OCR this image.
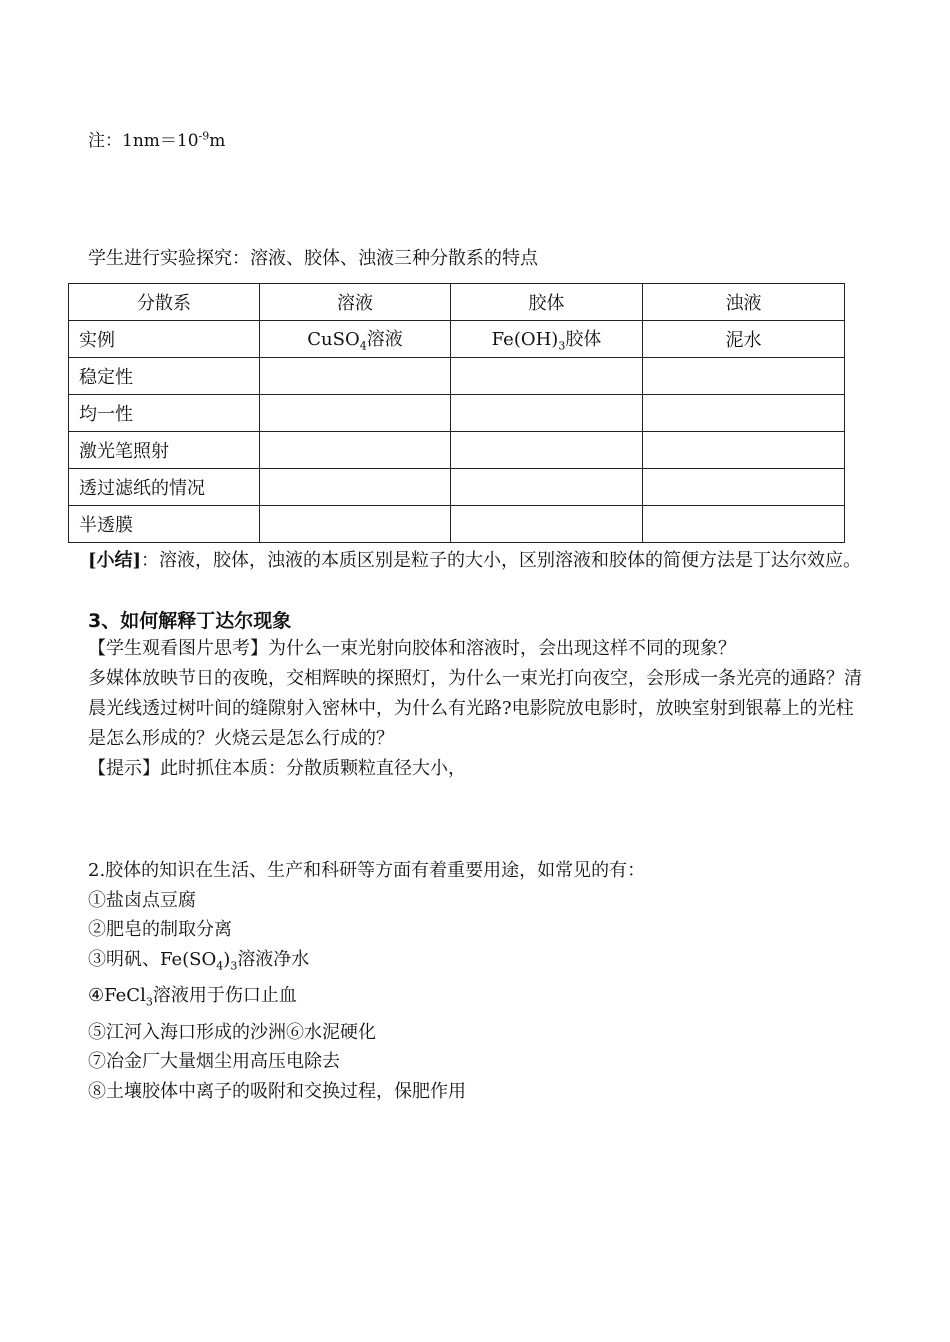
注：$1nm=10^{-9}m$
学生进行实验探究：溶液、胶体、浊液三种分散系的特点
分散系	溶液	胶体	浊液
实例	CuSO$_4$溶液	$Fe(OH)_3$胶体	泥水
稳定性			
均一性			
激光笔照射			
透过滤纸的情况			
半透膜			
[小结]：溶液，胶体，浊液的本质区别是粒子的大小，区别溶液和胶体的简便方法是丁达尔效应。
3、如何解释丁达尔现象
【学生观看图片思考】为什么一束光射向胶体和溶液时，会出现这样不同的现象？
多媒体放映节日的夜晚，交相辉映的探照灯，为什么一束光打向夜空，会形成一条光亮的通路？清晨光线透过树叶间的缝隙射入密林中，为什么有光路?电影院放电影时，放映室射到银幕上的光柱是怎么形成的？火烧云是怎么行成的？
【提示】此时抓住本质：分散质颗粒直径大小，
2.胶体的知识在生活、生产和科研等方面有着重要用途，如常见的有：
①盐卤点豆腐
②肥皂的制取分离
③明矾、$Fe(SO_4)_3$溶液净水
④FeCl$_3$溶液用于伤口止血
⑤江河入海口形成的沙洲⑥水泥硬化
⑦冶金厂大量烟尘用高压电除去
⑧土壤胶体中离子的吸附和交换过程，保肥作用
